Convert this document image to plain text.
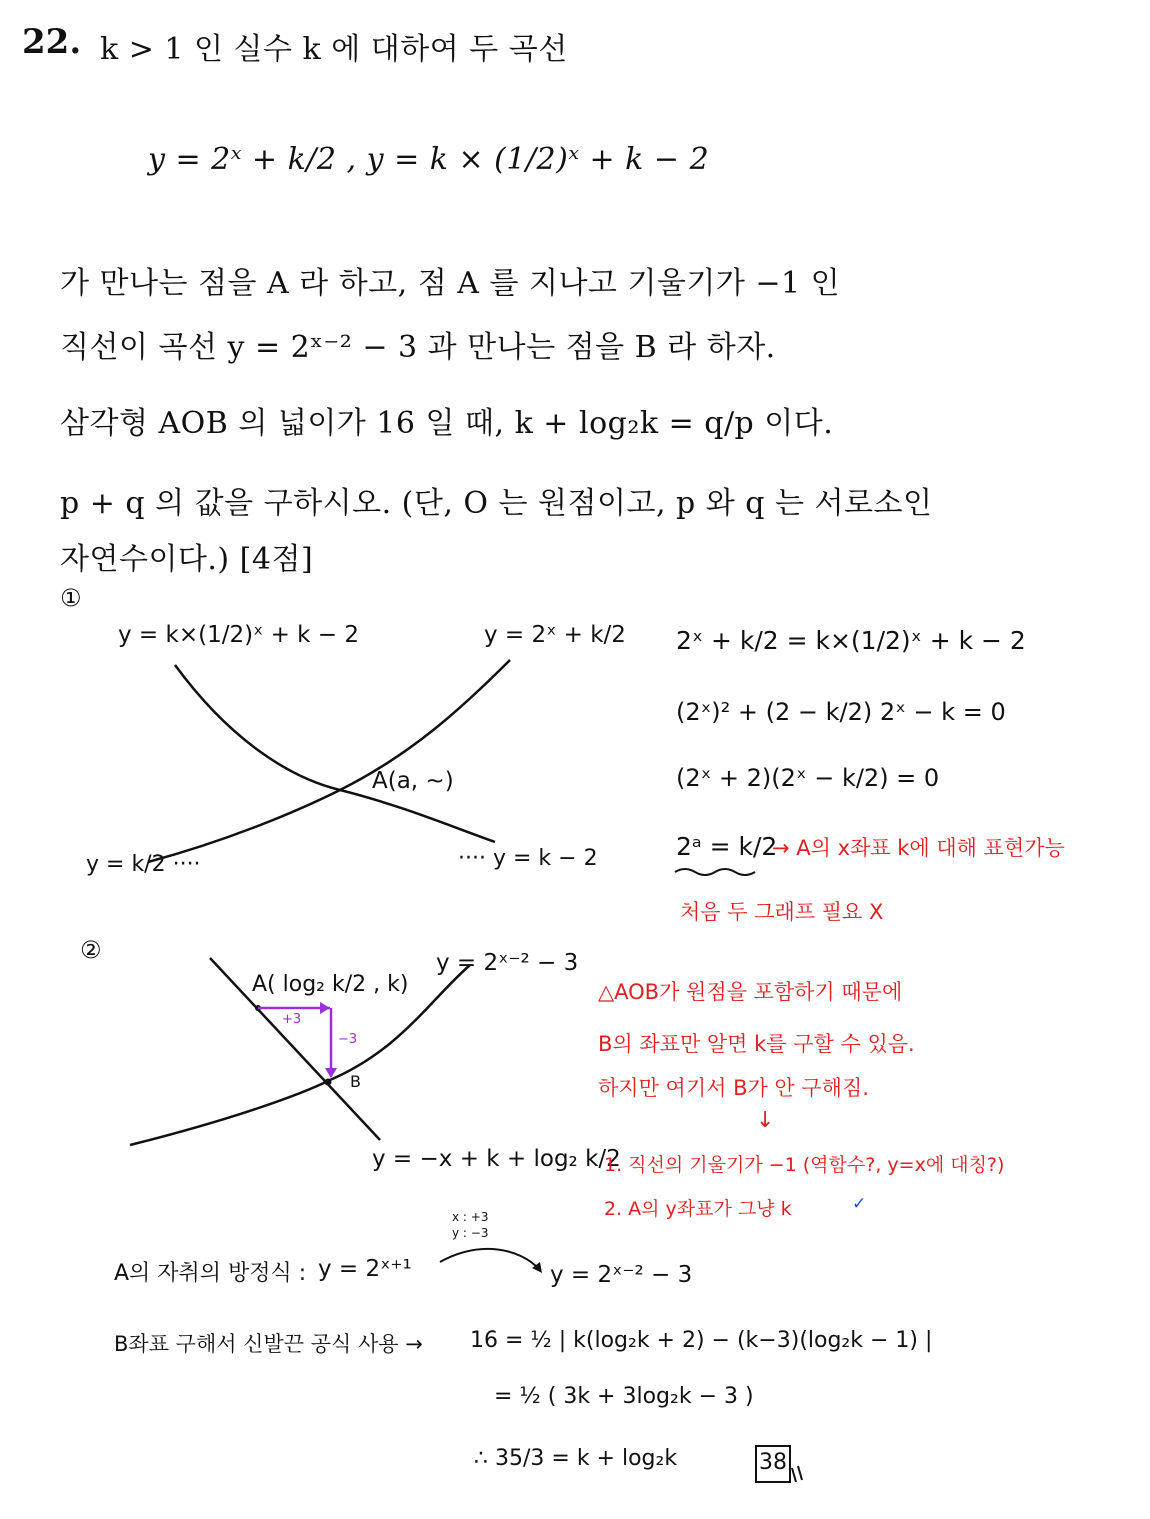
22. k > 1 인 실수 k 에 대하여 두 곡선
y = 2ˣ + k/2 , y = k × (1/2)ˣ + k − 2
가 만나는 점을 A 라 하고, 점 A 를 지나고 기울기가 −1 인
직선이 곡선 y = 2ˣ⁻² − 3 과 만나는 점을 B 라 하자.
삼각형 AOB 의 넓이가 16 일 때, k + log₂k = q/p 이다.
p + q 의 값을 구하시오. (단, O 는 원점이고, p 와 q 는 서로소인
자연수이다.) [4점]
①
y = k×(1/2)ˣ + k − 2	y = 2ˣ + k/2
A(a, ~)
y = k/2 ····	···· y = k − 2
2ˣ + k/2 = k×(1/2)ˣ + k − 2
(2ˣ)² + (2 − k/2) 2ˣ − k = 0
(2ˣ + 2)(2ˣ − k/2) = 0
2ᵃ = k/2
→ A의 x좌표 k에 대해 표현가능
처음 두 그래프 필요 X
②
A( log₂ k/2 , k)
y = 2ˣ⁻² − 3
+3
−3
B
y = −x + k + log₂ k/2
△AOB가 원점을 포함하기 때문에
B의 좌표만 알면 k를 구할 수 있음.
하지만 여기서 B가 안 구해짐.
↓
1. 직선의 기울기가 −1 (역함수?, y=x에 대칭?)
2. A의 y좌표가 그냥 k	✓
A의 자취의 방정식 : y = 2ˣ⁺¹
x : +3
y : −3
y = 2ˣ⁻² − 3
B좌표 구해서 신발끈 공식 사용 → 16 = ½ | k(log₂k + 2) − (k−3)(log₂k − 1) |
= ½ ( 3k + 3log₂k − 3 )
∴ 35/3 = k + log₂k	38
